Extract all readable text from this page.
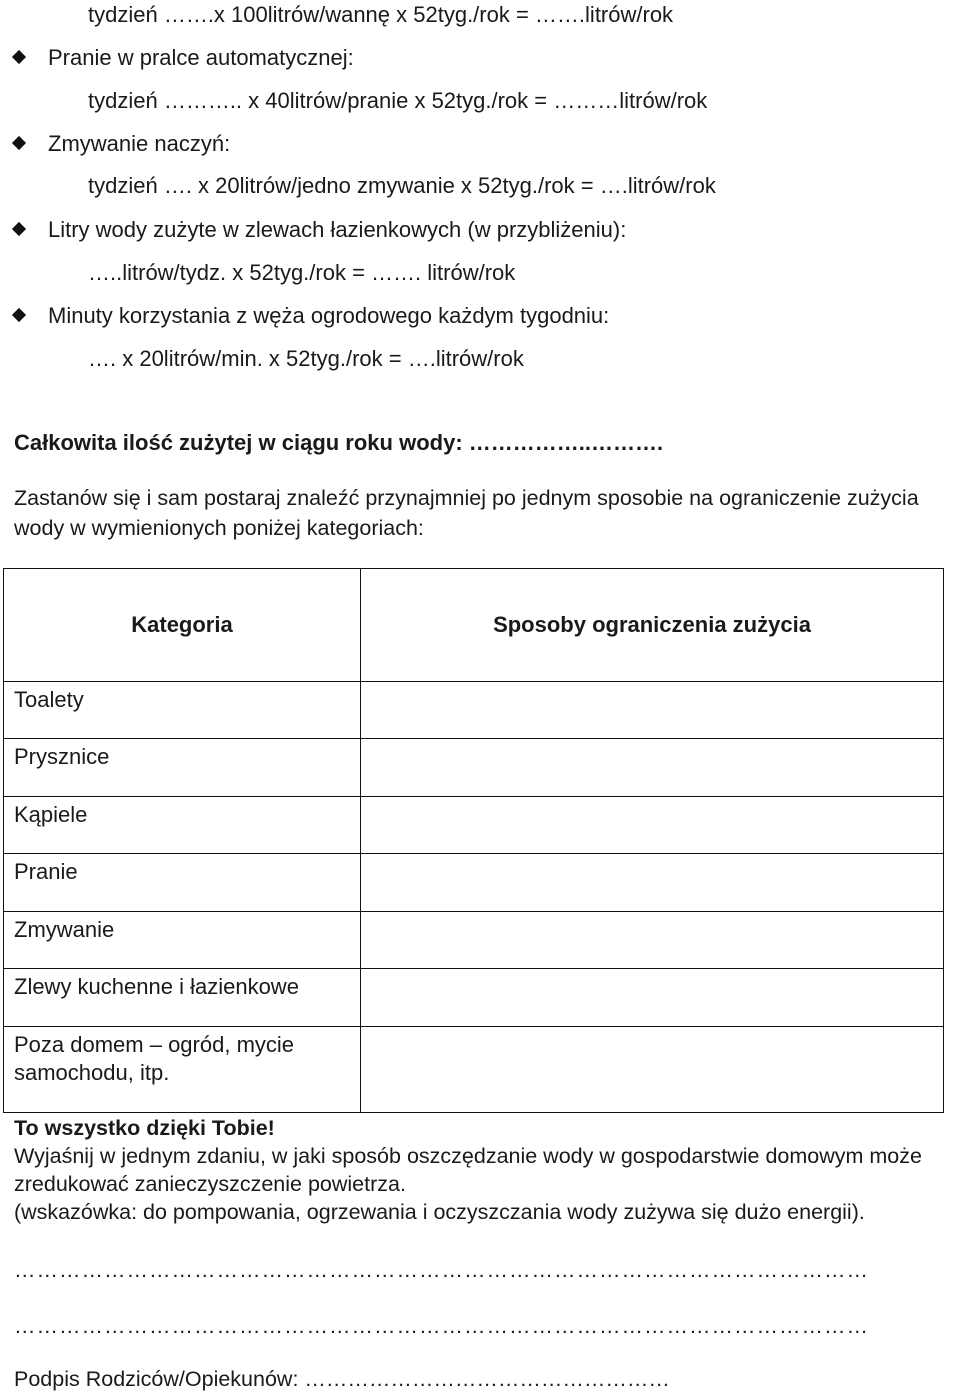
tydzień …….x 100litrów/wannę x 52tyg./rok = …….litrów/rok
Pranie w pralce automatycznej:
tydzień ……….. x 40litrów/pranie x 52tyg./rok = ………litrów/rok
Zmywanie naczyń:
tydzień …. x 20litrów/jedno zmywanie x 52tyg./rok = ….litrów/rok
Litry wody zużyte w zlewach łazienkowych (w przybliżeniu):
…..litrów/tydz. x 52tyg./rok = ……. litrów/rok
Minuty korzystania z węża ogrodowego każdym tygodniu:
…. x 20litrów/min. x 52tyg./rok = ….litrów/rok
Całkowita ilość zużytej w ciągu roku wody: ……………..……….
Zastanów się i sam postaraj znaleźć przynajmniej po jednym sposobie na ograniczenie zużycia wody w wymienionych poniżej kategoriach:
Kategoria	Sposoby ograniczenia zużycia
Toalety	
Prysznice	
Kąpiele	
Pranie	
Zmywanie	
Zlewy kuchenne i łazienkowe	

Poza domem – ogród, mycie samochodu, itp.	

To wszystko dzięki Tobie!
Wyjaśnij w jednym zdaniu, w jaki sposób oszczędzanie wody w gospodarstwie domowym może
zredukować zanieczyszczenie powietrza.
(wskazówka: do pompowania, ogrzewania i oczyszczania wody zużywa się dużo energii).
……………………………………………………………………………………………………
……………………………………………………………………………………………………
Podpis Rodziców/Opiekunów: ……………………………………………
